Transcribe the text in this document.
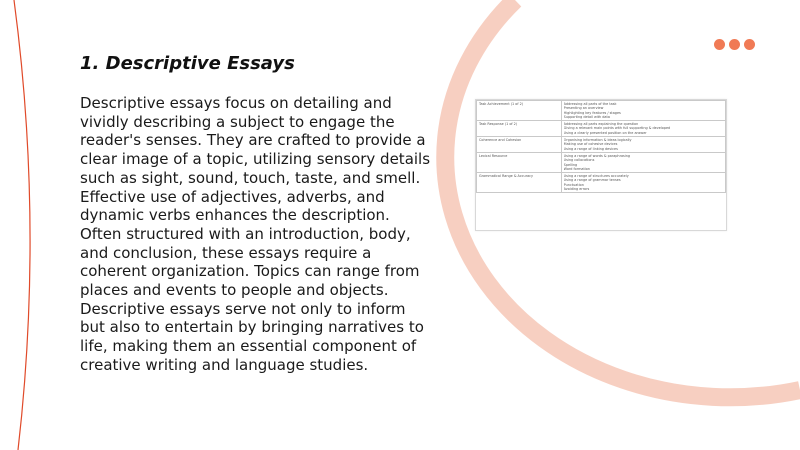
1. Descriptive Essays

Descriptive essays focus on detailing and vividly describing a subject to engage the reader's senses. They are crafted to provide a clear image of a topic, utilizing sensory details such as sight, sound, touch, taste, and smell. Effective use of adjectives, adverbs, and dynamic verbs enhances the description. Often structured with an introduction, body, and conclusion, these essays require a coherent organization. Topics can range from places and events to people and objects. Descriptive essays serve not only to inform but also to entertain by bringing narratives to life, making them an essential component of creative writing and language studies.

Task Achievement (1 of 2)	Addressing all parts of the task
Presenting an overview
Highlighting key features / stages
Supporting detail with data

Task Response (1 of 2)	Addressing all parts explaining the question
Giving a relevant main points with full supporting & developed
Using a clearly presented position on the answer

Coherence and Cohesion	Organising information & ideas logically
Making use of cohesive devices
Using a range of linking devices

Lexical Resource	Using a range of words & paraphrasing
Using collocations
Spelling
Word formation

Grammatical Range & Accuracy	Using a range of structures accurately
Using a range of grammar tenses
Punctuation
Avoiding errors
